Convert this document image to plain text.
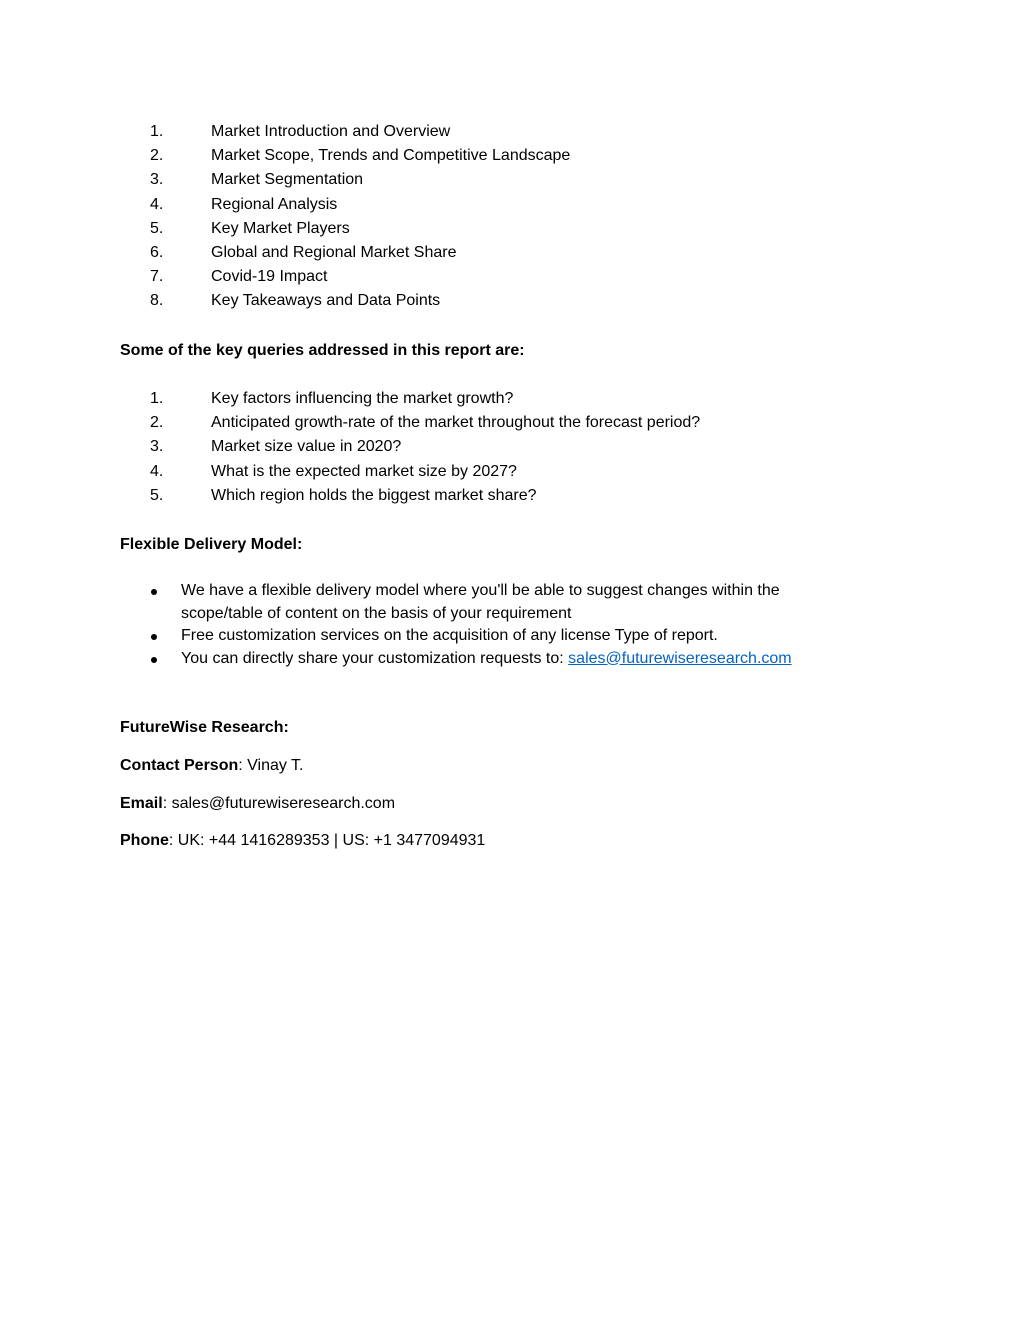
1.	Market Introduction and Overview
2.	Market Scope, Trends and Competitive Landscape
3.	Market Segmentation
4.	Regional Analysis
5.	Key Market Players
6.	Global and Regional Market Share
7.	Covid-19 Impact
8.	Key Takeaways and Data Points
Some of the key queries addressed in this report are:
1.	Key factors influencing the market growth?
2.	Anticipated growth-rate of the market throughout the forecast period?
3.	Market size value in 2020?
4.	What is the expected market size by 2027?
5.	Which region holds the biggest market share?
Flexible Delivery Model:
We have a flexible delivery model where you'll be able to suggest changes within the scope/table of content on the basis of your requirement
Free customization services on the acquisition of any license Type of report.
You can directly share your customization requests to: sales@futurewiseresearch.com
FutureWise Research:
Contact Person: Vinay T.
Email: sales@futurewiseresearch.com
Phone: UK: +44 1416289353 | US: +1 3477094931
